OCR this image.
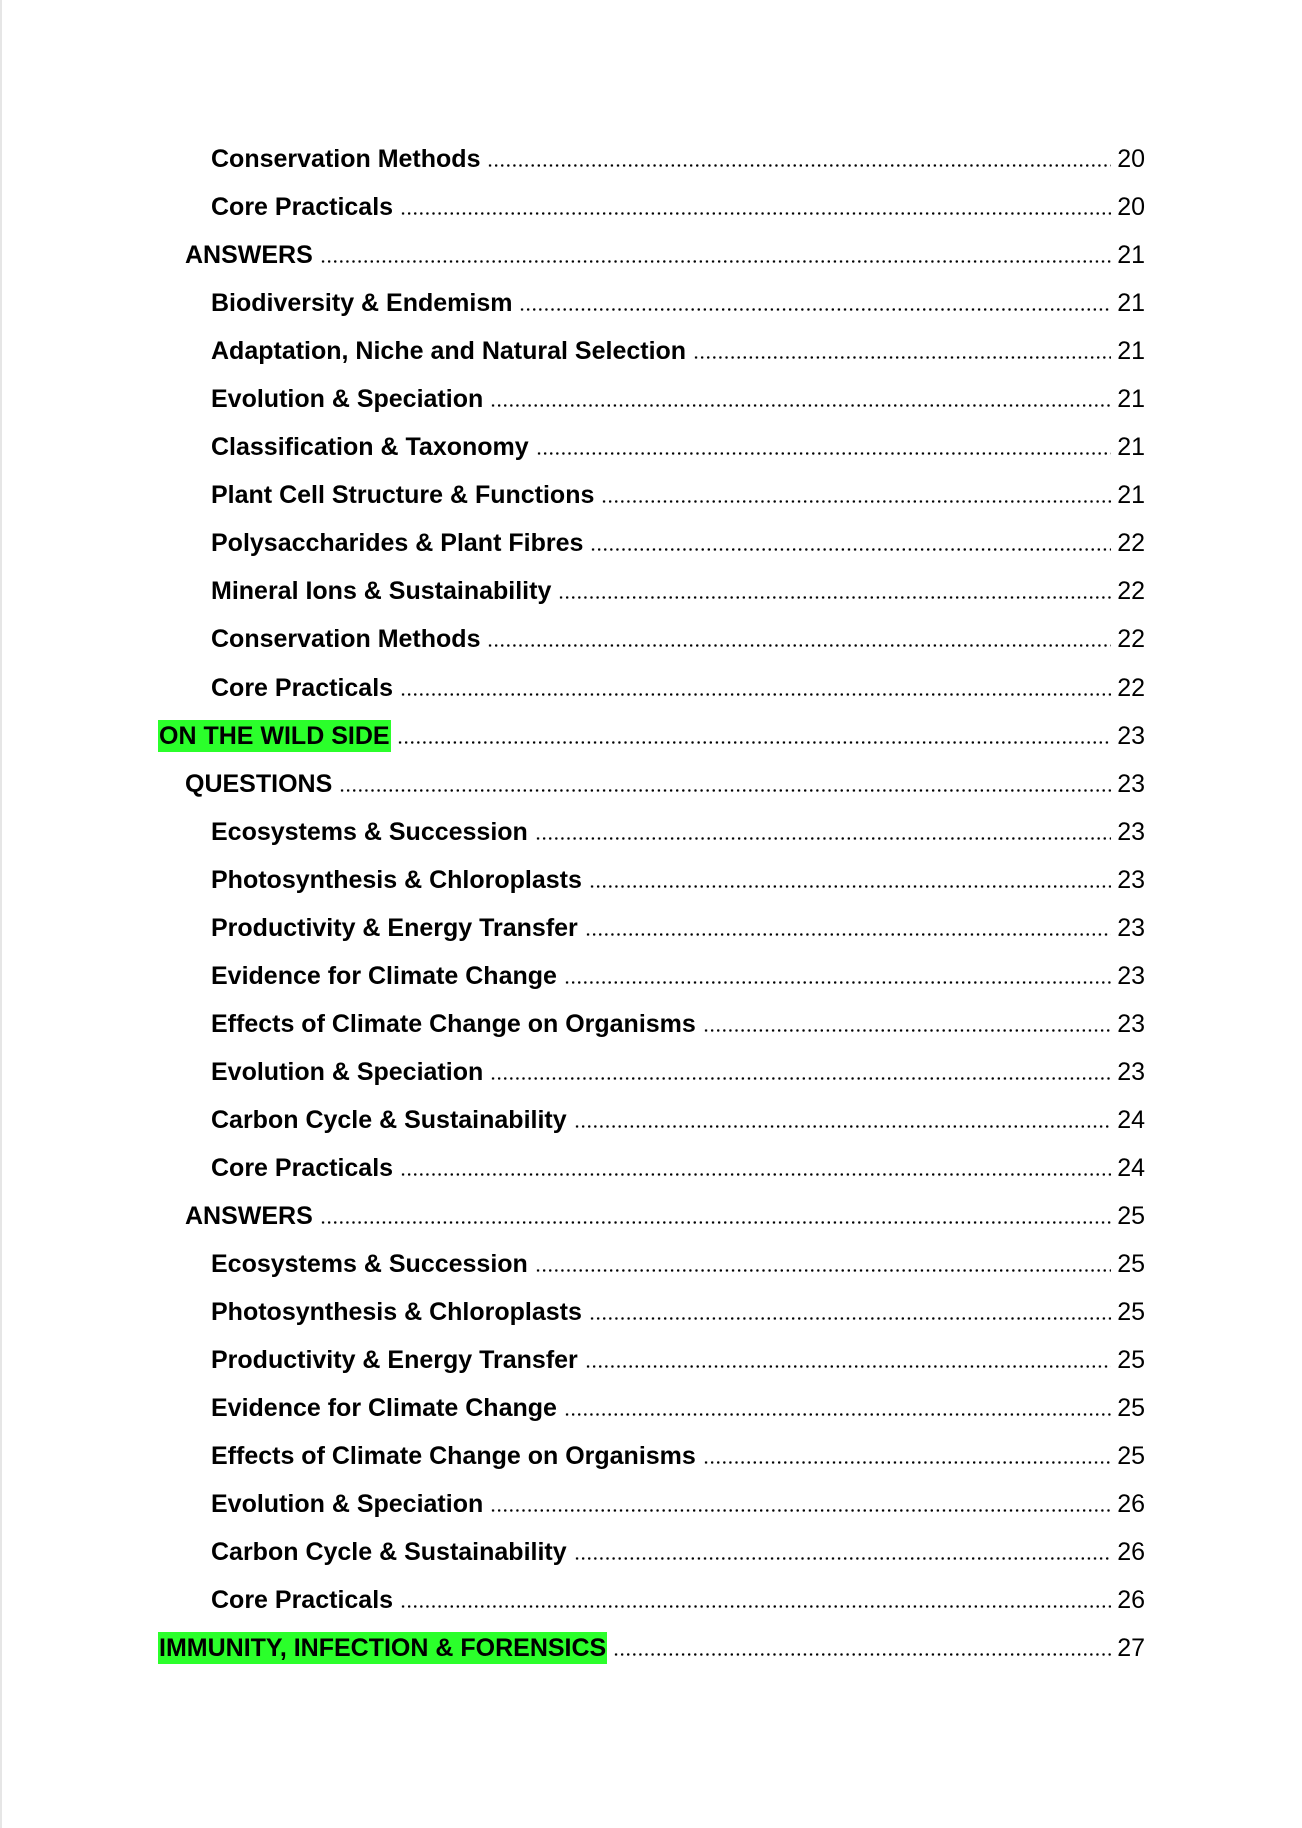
Conservation Methods	20
Core Practicals	20
ANSWERS	21
Biodiversity & Endemism	21
Adaptation, Niche and Natural Selection	21
Evolution & Speciation	21
Classification & Taxonomy	21
Plant Cell Structure & Functions	21
Polysaccharides & Plant Fibres	22
Mineral Ions & Sustainability	22
Conservation Methods	22
Core Practicals	22
ON THE WILD SIDE	23
QUESTIONS	23
Ecosystems & Succession	23
Photosynthesis & Chloroplasts	23
Productivity & Energy Transfer	23
Evidence for Climate Change	23
Effects of Climate Change on Organisms	23
Evolution & Speciation	23
Carbon Cycle & Sustainability	24
Core Practicals	24
ANSWERS	25
Ecosystems & Succession	25
Photosynthesis & Chloroplasts	25
Productivity & Energy Transfer	25
Evidence for Climate Change	25
Effects of Climate Change on Organisms	25
Evolution & Speciation	26
Carbon Cycle & Sustainability	26
Core Practicals	26
IMMUNITY, INFECTION & FORENSICS	27
